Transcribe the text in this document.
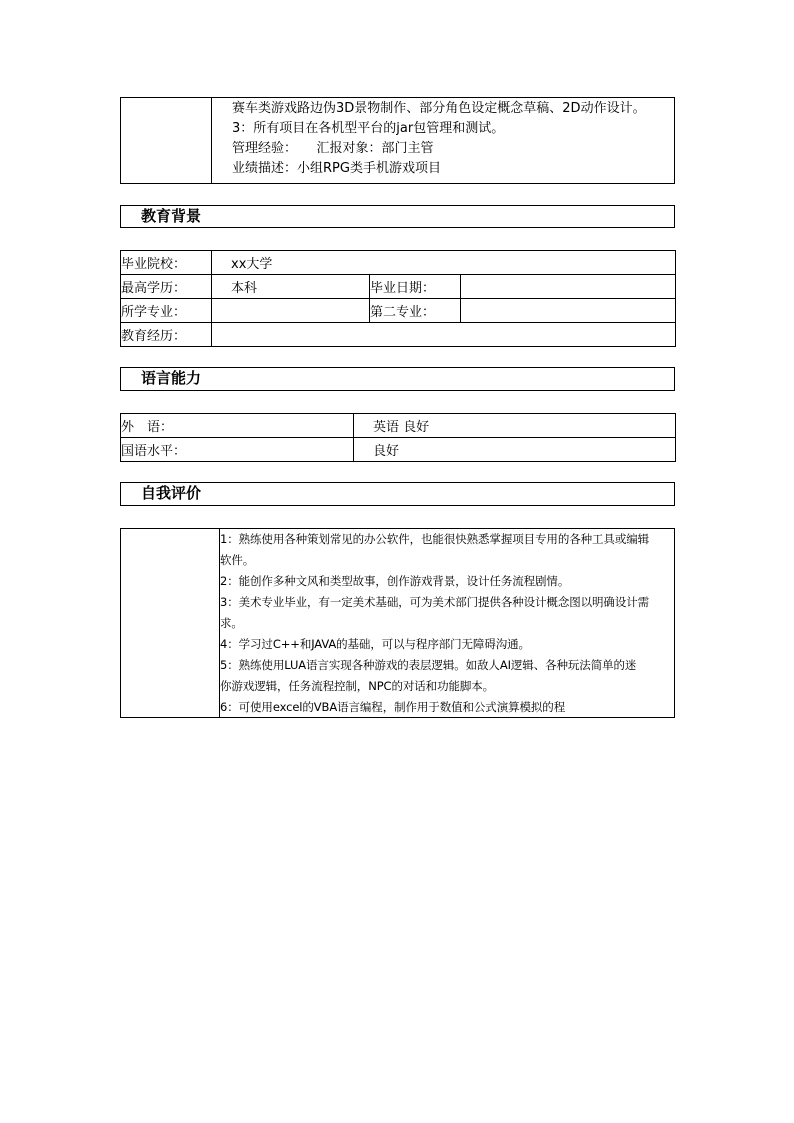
赛车类游戏路边伪3D景物制作、部分角色设定概念草稿、2D动作设计。
3：所有项目在各机型平台的jar包管理和测试。
管理经验：　　汇报对象：部门主管
业绩描述：小组RPG类手机游戏项目
教育背景
毕业院校：	xx大学		
最高学历：	本科	毕业日期：	
所学专业：		第二专业：	
教育经历：			
语言能力
外　语：	英语 良好
国语水平：	良好
自我评价
1：熟练使用各种策划常见的办公软件，也能很快熟悉掌握项目专用的各种工具或编辑
软件。
2：能创作多种文风和类型故事，创作游戏背景，设计任务流程剧情。
3：美术专业毕业，有一定美术基础，可为美术部门提供各种设计概念图以明确设计需
求。
4：学习过C++和JAVA的基础，可以与程序部门无障碍沟通。
5：熟练使用LUA语言实现各种游戏的表层逻辑。如敌人AI逻辑、各种玩法简单的迷
你游戏逻辑，任务流程控制，NPC的对话和功能脚本。
6：可使用excel的VBA语言编程，制作用于数值和公式演算模拟的程
